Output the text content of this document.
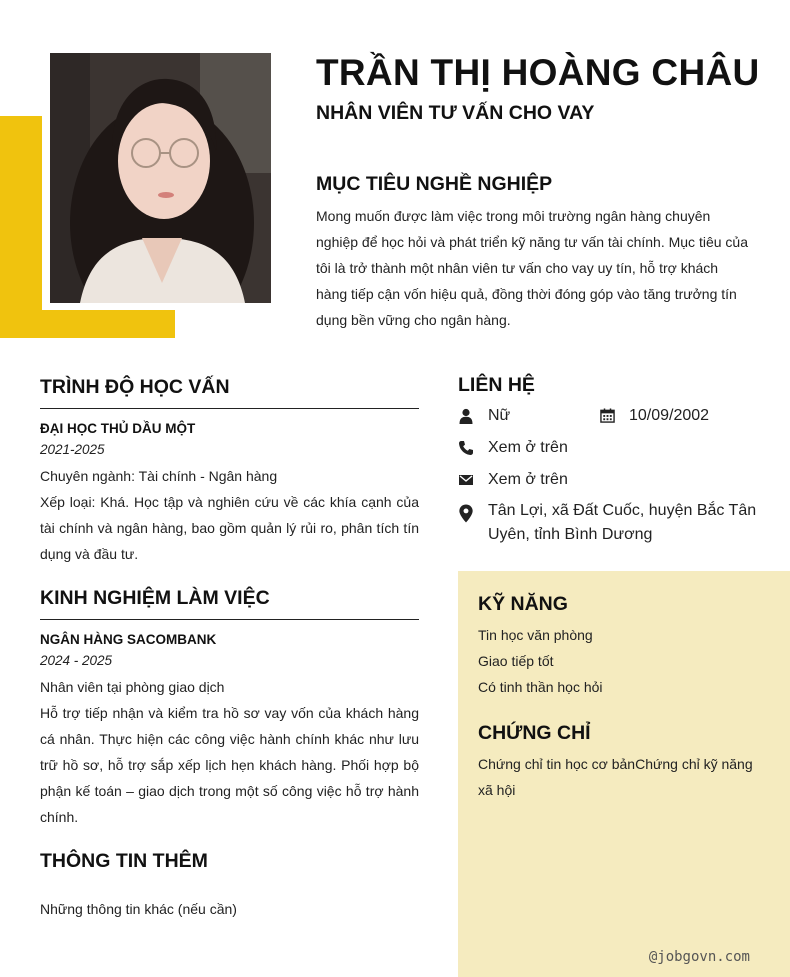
TRẦN THỊ HOÀNG CHÂU
NHÂN VIÊN TƯ VẤN CHO VAY
MỤC TIÊU NGHỀ NGHIỆP
Mong muốn được làm việc trong môi trường ngân hàng chuyên nghiệp để học hỏi và phát triển kỹ năng tư vấn tài chính. Mục tiêu của tôi là trở thành một nhân viên tư vấn cho vay uy tín, hỗ trợ khách hàng tiếp cận vốn hiệu quả, đồng thời đóng góp vào tăng trưởng tín dụng bền vững cho ngân hàng.
TRÌNH ĐỘ HỌC VẤN
ĐẠI HỌC THỦ DẦU MỘT
2021-2025
Chuyên ngành: Tài chính - Ngân hàng
Xếp loại: Khá. Học tập và nghiên cứu về các khía cạnh của tài chính và ngân hàng, bao gồm quản lý rủi ro, phân tích tín dụng và đầu tư.
KINH NGHIỆM LÀM VIỆC
NGÂN HÀNG SACOMBANK
2024 - 2025
Nhân viên tại phòng giao dịch
Hỗ trợ tiếp nhận và kiểm tra hồ sơ vay vốn của khách hàng cá nhân. Thực hiện các công việc hành chính khác như lưu trữ hồ sơ, hỗ trợ sắp xếp lịch hẹn khách hàng. Phối hợp bộ phận kế toán – giao dịch trong một số công việc hỗ trợ hành chính.
THÔNG TIN THÊM
Những thông tin khác (nếu cần)
LIÊN HỆ
Nữ	10/09/2002
Xem ở trên
Xem ở trên
Tân Lợi, xã Đất Cuốc, huyện Bắc Tân Uyên, tỉnh Bình Dương
KỸ NĂNG
Tin học văn phòng
Giao tiếp tốt
Có tinh thần học hỏi
CHỨNG CHỈ
Chứng chỉ tin học cơ bảnChứng chỉ kỹ năng xã hội
@jobgovn.com
